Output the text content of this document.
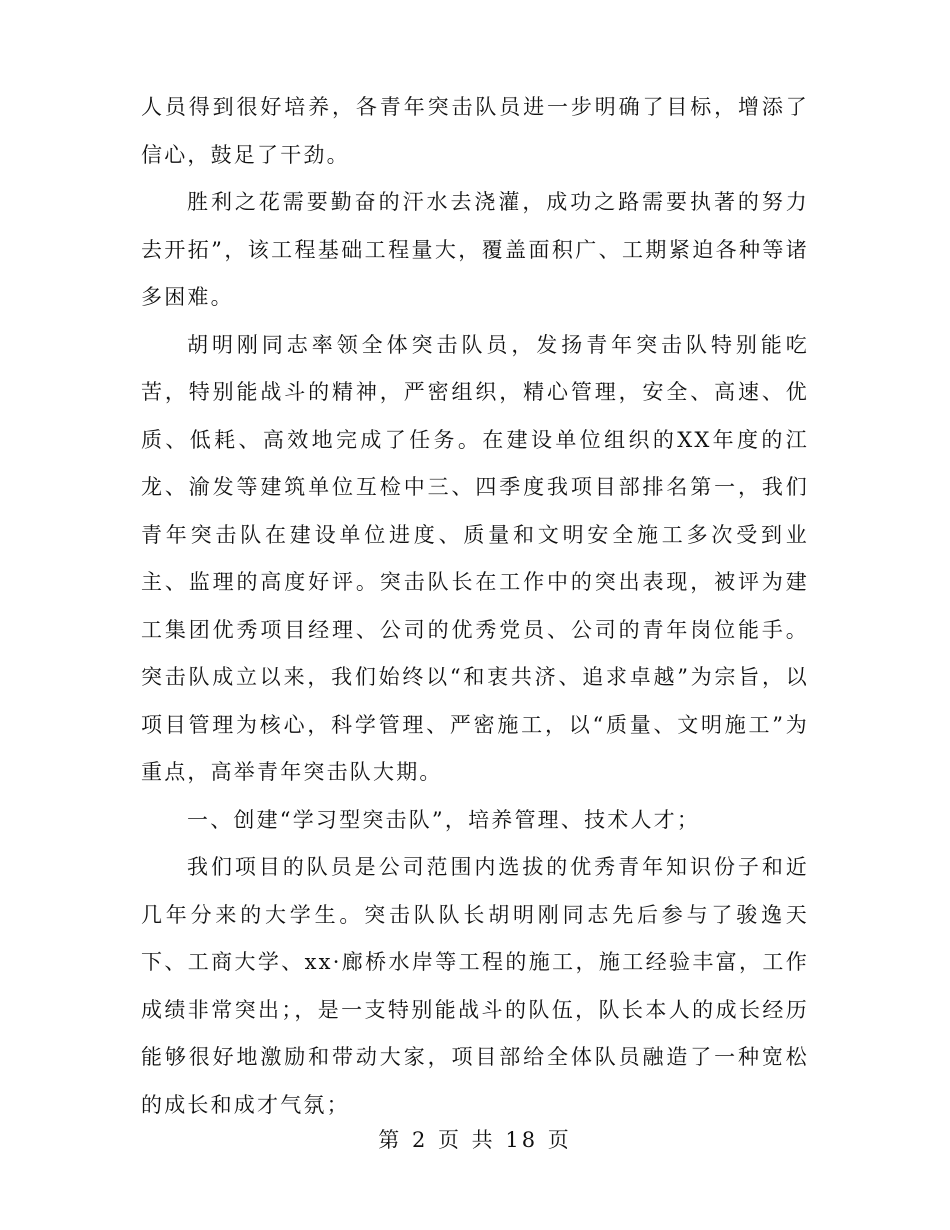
人员得到很好培养，各青年突击队员进一步明确了目标，增添了信心，鼓足了干劲。

胜利之花需要勤奋的汗水去浇灌，成功之路需要执著的努力去开拓”，该工程基础工程量大，覆盖面积广、工期紧迫各种等诸多困难。

胡明刚同志率领全体突击队员，发扬青年突击队特别能吃苦，特别能战斗的精神，严密组织，精心管理，安全、高速、优质、低耗、高效地完成了任务。在建设单位组织的XX年度的江龙、渝发等建筑单位互检中三、四季度我项目部排名第一，我们青年突击队在建设单位进度、质量和文明安全施工多次受到业主、监理的高度好评。突击队长在工作中的突出表现，被评为建工集团优秀项目经理、公司的优秀党员、公司的青年岗位能手。突击队成立以来，我们始终以“和衷共济、追求卓越”为宗旨，以项目管理为核心，科学管理、严密施工，以“质量、文明施工”为重点，高举青年突击队大期。

一、创建“学习型突击队”，培养管理、技术人才；

我们项目的队员是公司范围内选拔的优秀青年知识份子和近几年分来的大学生。突击队队长胡明刚同志先后参与了骏逸天下、工商大学、xx·廊桥水岸等工程的施工，施工经验丰富，工作成绩非常突出；，是一支特别能战斗的队伍，队长本人的成长经历能够很好地激励和带动大家，项目部给全体队员融造了一种宽松的成长和成才气氛；

第 2 页 共 18 页
